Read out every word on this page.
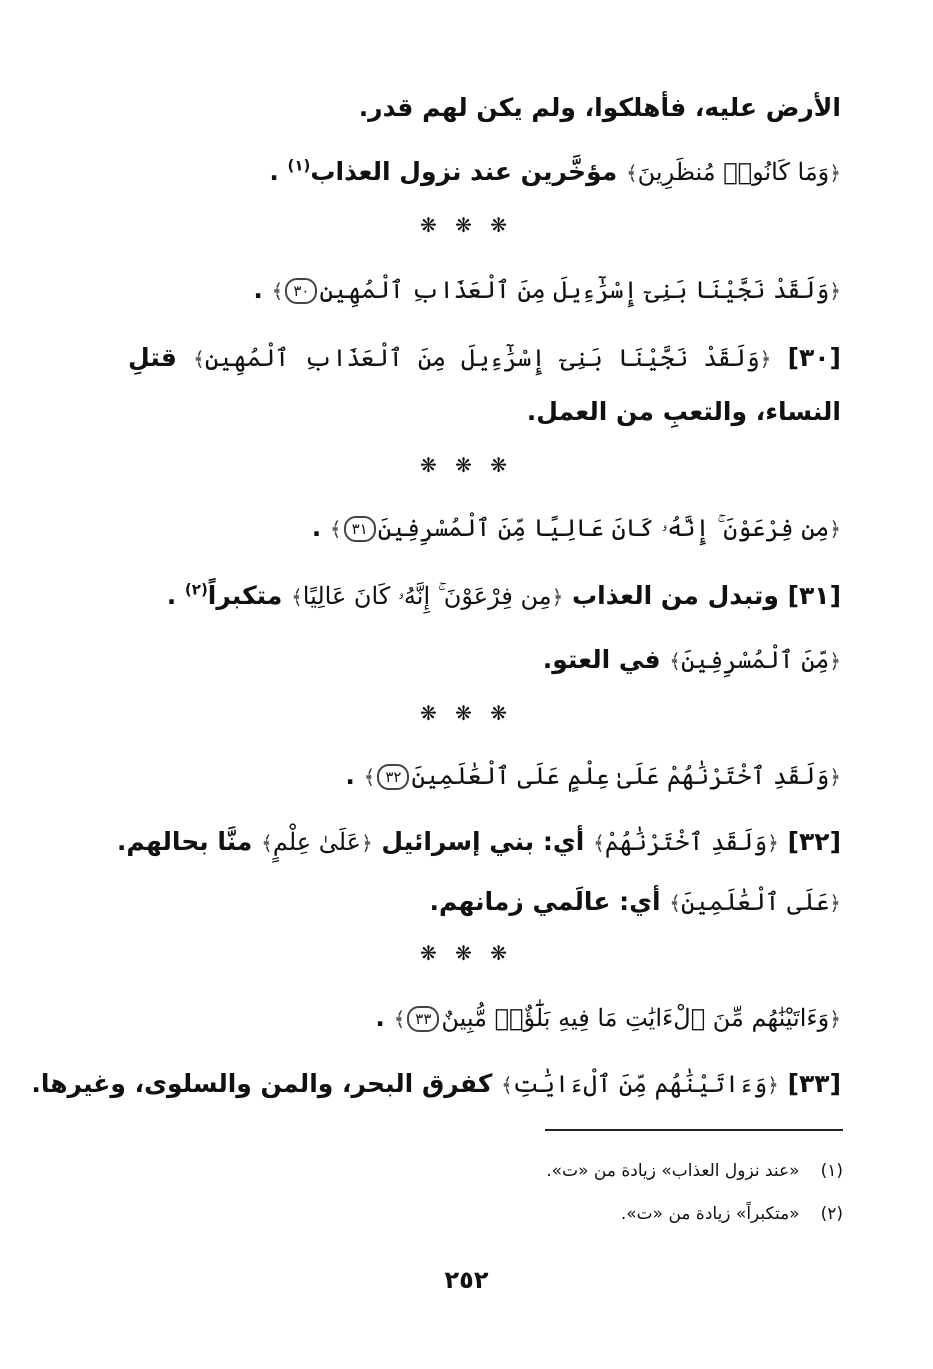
الأرض عليه، فأهلكوا، ولم يكن لهم قدر.
﴿وَمَا كَانُوا۟ مُنظَرِينَ﴾ مؤخَّرين عند نزول العذاب$^{(١)}$ .
❋ ❋ ❋
﴿وَلَقَدْ نَجَّيْنَا بَنِىٓ إِسْرَٰٓءِيلَ مِنَ ٱلْعَذَابِ ٱلْمُهِينِ٣٠﴾ .
[٣٠] ﴿وَلَقَدْ نَجَّيْنَا بَنِىٓ إِسْرَٰٓءِيلَ مِنَ ٱلْعَذَابِ ٱلْمُهِينِ﴾ قتلِ
النساء، والتعبِ من العمل.
❋ ❋ ❋
﴿مِن فِرْعَوْنَ ۚ إِنَّهُۥ كَانَ عَالِيًا مِّنَ ٱلْمُسْرِفِينَ٣١﴾ .
[٣١] وتبدل من العذاب ﴿مِن فِرْعَوْنَ ۚ إِنَّهُۥ كَانَ عَالِيًا﴾ متكبراً$^{(٢)}$ .
﴿مِّنَ ٱلْمُسْرِفِينَ﴾ في العتو.
❋ ❋ ❋
﴿وَلَقَدِ ٱخْتَرْنَٰهُمْ عَلَىٰ عِلْمٍ عَلَى ٱلْعَٰلَمِينَ٣٢﴾ .
[٣٢] ﴿وَلَقَدِ ٱخْتَرْنَٰهُمْ﴾ أي: بني إسرائيل ﴿عَلَىٰ عِلْمٍ﴾ منَّا بحالهم.
﴿عَلَى ٱلْعَٰلَمِينَ﴾ أي: عالَمي زمانهم.
❋ ❋ ❋
﴿وَءَاتَيْنَٰهُم مِّنَ ٱلْءَايَٰتِ مَا فِيهِ بَلَٰٓؤٌا۟ مُّبِينٌ٣٣﴾ .
[٣٣] ﴿وَءَاتَيْنَٰهُم مِّنَ ٱلْءَايَٰتِ﴾ كفرق البحر، والمن والسلوى، وغيرها.
(١) «عند نزول العذاب» زيادة من «ت».
(٢) «متكبراً» زيادة من «ت».
٢٥٢
